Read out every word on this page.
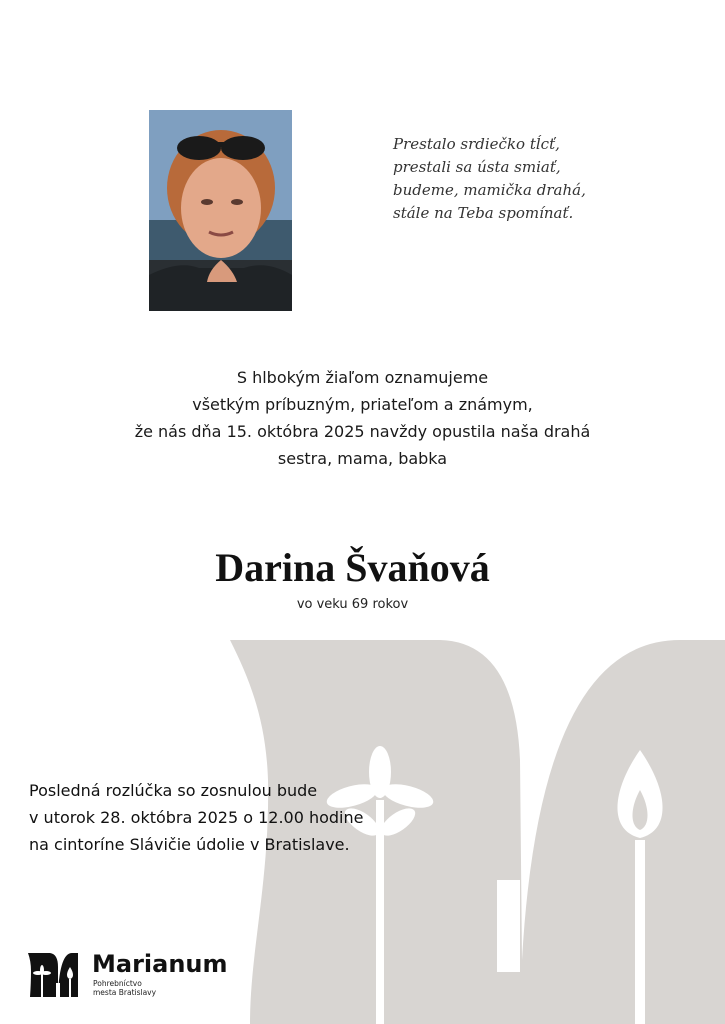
Prestalo srdiečko tĺcť,
prestali sa ústa smiať,
budeme, mamička drahá,
stále na Teba spomínať.
S hlbokým žiaľom oznamujeme
všetkým príbuzným, priateľom a známym,
že nás dňa 15. októbra 2025 navždy opustila naša drahá
sestra, mama, babka
Darina Švaňová
vo veku 69 rokov
Posledná rozlúčka so zosnulou bude
v utorok 28. októbra 2025 o 12.00 hodine
na cintoríne Slávičie údolie v Bratislave.
Marianum
Pohrebníctvo
mesta Bratislavy
